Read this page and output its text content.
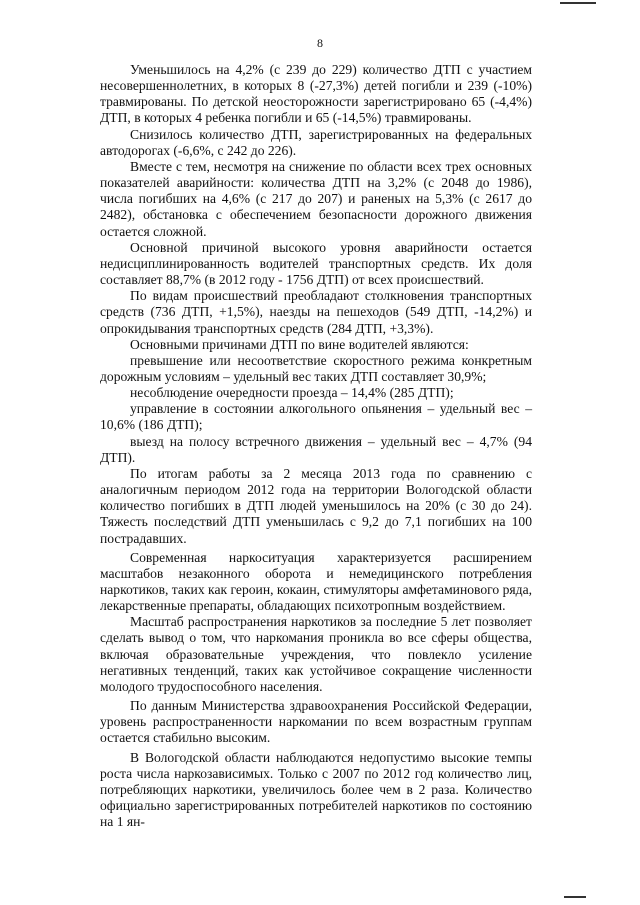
8

Уменьшилось на 4,2% (с 239 до 229) количество ДТП с участием несовершеннолетних, в которых 8 (-27,3%) детей погибли и 239 (-10%) травмированы. По детской неосторожности зарегистрировано 65 (-4,4%) ДТП, в которых 4 ребенка погибли и 65 (-14,5%) травмированы.

Снизилось количество ДТП, зарегистрированных на федеральных автодорогах (-6,6%, с 242 до 226).

Вместе с тем, несмотря на снижение по области всех трех основных показателей аварийности: количества ДТП на 3,2% (с 2048 до 1986), числа погибших на 4,6% (с 217 до 207) и раненых на 5,3% (с 2617 до 2482), обстановка с обеспечением безопасности дорожного движения остается сложной.

Основной причиной высокого уровня аварийности остается недисциплинированность водителей транспортных средств. Их доля составляет 88,7% (в 2012 году - 1756 ДТП) от всех происшествий.

По видам происшествий преобладают столкновения транспортных средств (736 ДТП, +1,5%), наезды на пешеходов (549 ДТП, -14,2%) и опрокидывания транспортных средств (284 ДТП, +3,3%).

Основными причинами ДТП по вине водителей являются:

превышение или несоответствие скоростного режима конкретным дорожным условиям – удельный вес таких ДТП составляет 30,9%;

несоблюдение очередности проезда – 14,4% (285 ДТП);

управление в состоянии алкогольного опьянения – удельный вес – 10,6% (186 ДТП);

выезд на полосу встречного движения – удельный вес – 4,7% (94 ДТП).

По итогам работы за 2 месяца 2013 года по сравнению с аналогичным периодом 2012 года на территории Вологодской области количество погибших в ДТП людей уменьшилось на 20% (с 30 до 24). Тяжесть последствий ДТП уменьшилась с 9,2 до 7,1 погибших на 100 пострадавших.

Современная наркоситуация характеризуется расширением масштабов незаконного оборота и немедицинского потребления наркотиков, таких как героин, кокаин, стимуляторы амфетаминового ряда, лекарственные препараты, обладающих психотропным воздействием.

Масштаб распространения наркотиков за последние 5 лет позволяет сделать вывод о том, что наркомания проникла во все сферы общества, включая образовательные учреждения, что повлекло усиление негативных тенденций, таких как устойчивое сокращение численности молодого трудоспособного населения.

По данным Министерства здравоохранения Российской Федерации, уровень распространенности наркомании по всем возрастным группам остается стабильно высоким.

В Вологодской области наблюдаются недопустимо высокие темпы роста числа наркозависимых. Только с 2007 по 2012 год количество лиц, потребляющих наркотики, увеличилось более чем в 2 раза. Количество официально зарегистрированных потребителей наркотиков по состоянию на 1 ян-
